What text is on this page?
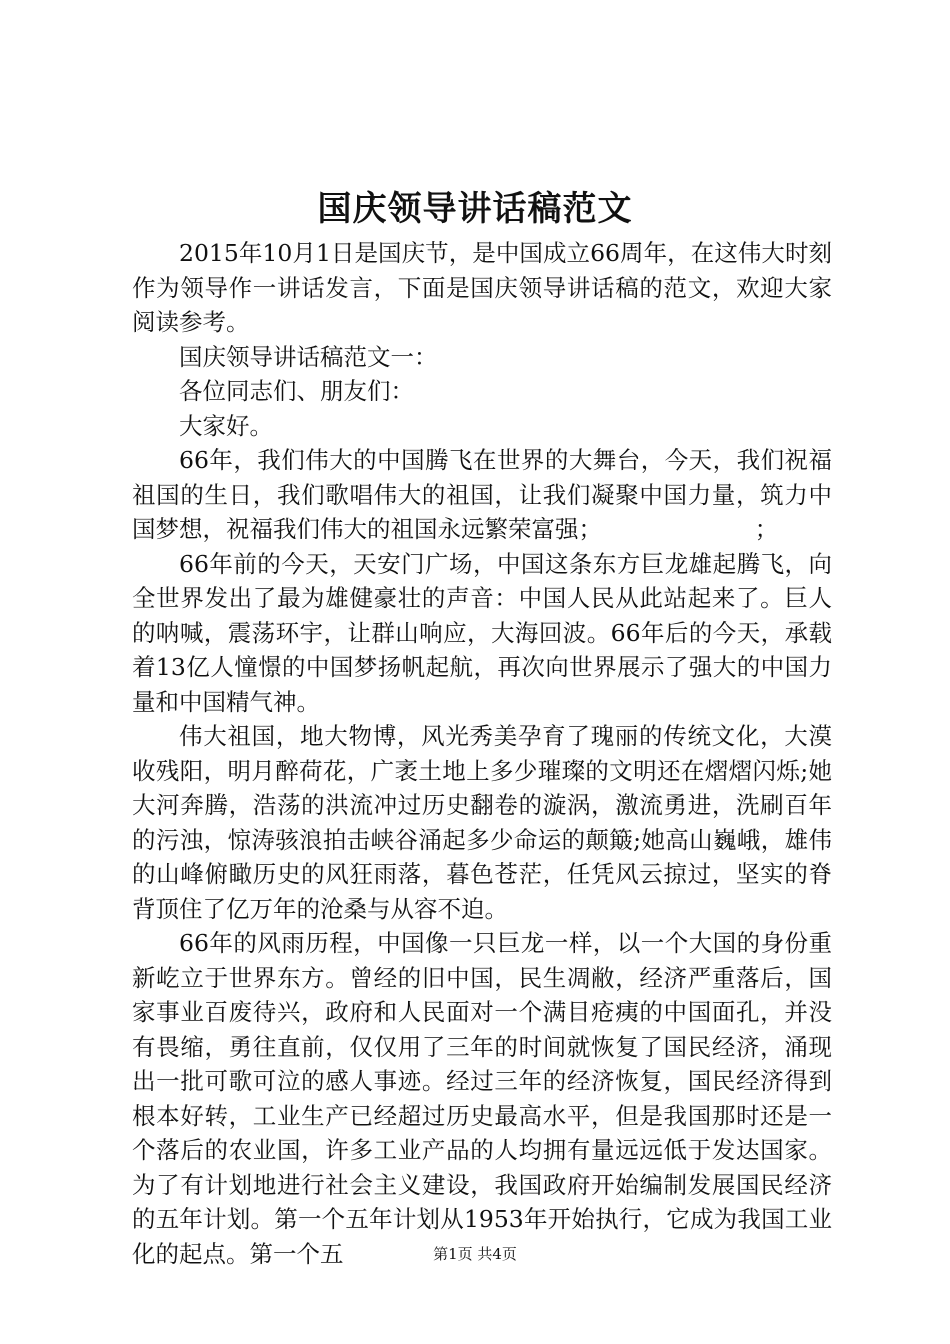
国庆领导讲话稿范文

2015年10月1日是国庆节，是中国成立66周年，在这伟大时刻作为领导作一讲话发言，下面是国庆领导讲话稿的范文，欢迎大家阅读参考。

国庆领导讲话稿范文一：

各位同志们、朋友们：

大家好。

66年，我们伟大的中国腾飞在世界的大舞台，今天，我们祝福祖国的生日，我们歌唱伟大的祖国，让我们凝聚中国力量，筑力中国梦想，祝福我们伟大的祖国永远繁荣富强；　　　　　　　；

66年前的今天，天安门广场，中国这条东方巨龙雄起腾飞，向全世界发出了最为雄健豪壮的声音：中国人民从此站起来了。巨人的呐喊，震荡环宇，让群山响应，大海回波。66年后的今天，承载着13亿人憧憬的中国梦扬帆起航，再次向世界展示了强大的中国力量和中国精气神。

伟大祖国，地大物博，风光秀美孕育了瑰丽的传统文化，大漠收残阳，明月醉荷花，广袤土地上多少璀璨的文明还在熠熠闪烁;她大河奔腾，浩荡的洪流冲过历史翻卷的漩涡，激流勇进，洗刷百年的污浊，惊涛骇浪拍击峡谷涌起多少命运的颠簸;她高山巍峨，雄伟的山峰俯瞰历史的风狂雨落，暮色苍茫，任凭风云掠过，坚实的脊背顶住了亿万年的沧桑与从容不迫。

66年的风雨历程，中国像一只巨龙一样，以一个大国的身份重新屹立于世界东方。曾经的旧中国，民生凋敝，经济严重落后，国家事业百废待兴，政府和人民面对一个满目疮痍的中国面孔，并没有畏缩，勇往直前，仅仅用了三年的时间就恢复了国民经济，涌现出一批可歌可泣的感人事迹。经过三年的经济恢复，国民经济得到根本好转，工业生产已经超过历史最高水平，但是我国那时还是一个落后的农业国，许多工业产品的人均拥有量远远低于发达国家。为了有计划地进行社会主义建设，我国政府开始编制发展国民经济的五年计划。第一个五年计划从1953年开始执行，它成为我国工业化的起点。第一个五	第1页 共4页
